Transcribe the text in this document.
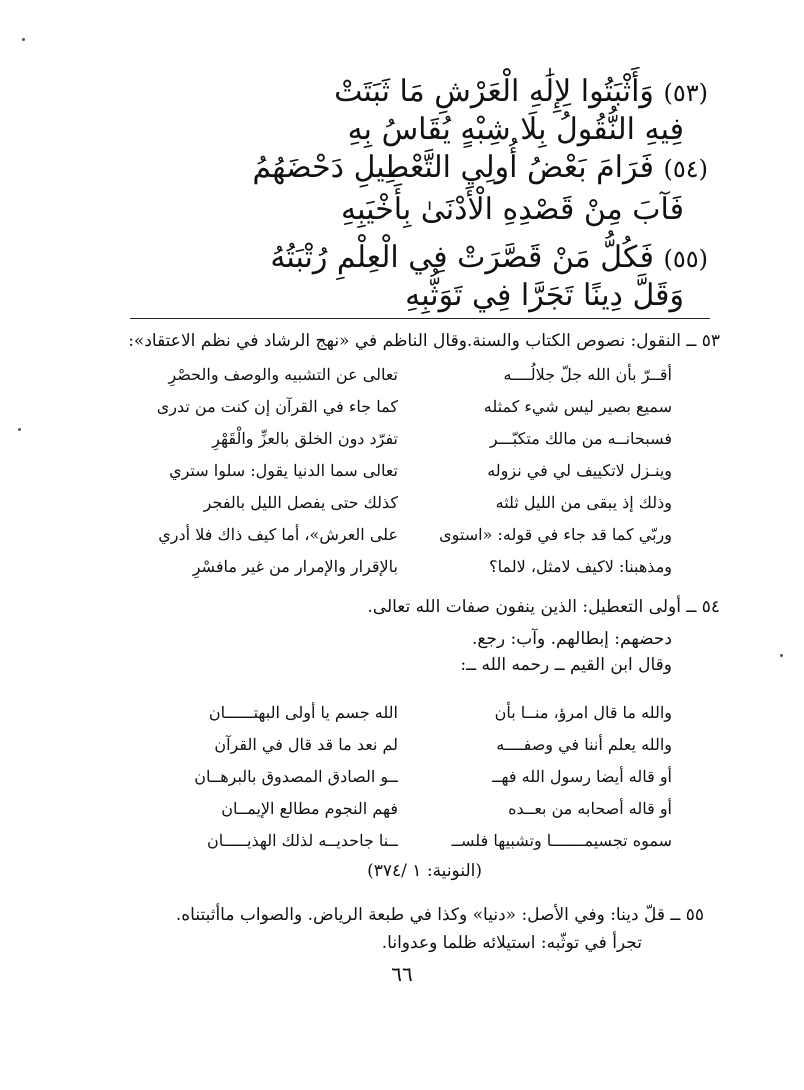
(٥٣) وَأَثْبَتُوا لِإِلَٰهِ الْعَرْشِ مَا ثَبَتَتْ
فِيهِ النُّقُولُ بِلَا شِبْهٍ يُقَاسُ بِهِ
(٥٤) فَرَامَ بَعْضُ أُولِي التَّعْطِيلِ دَحْضَهُمُ
فَآبَ مِنْ قَصْدِهِ الْأَدْنَىٰ بِأَخْيَبِهِ
(٥٥) فَكُلُّ مَنْ قَصَّرَتْ فِي الْعِلْمِ رُتْبَتُهُ
وَقَلَّ دِينًا تَجَرَّا فِي تَوَثُّبِهِ
٥٣ ــ النقول: نصوص الكتاب والسنة.وقال الناظم في «نهج الرشاد في نظم الاعتقاد»:
أقــرّ بأن الله جلّ جلالُــــه
تعالى عن التشبيه والوصف والحصْرِ
سميع بصير ليس شيء كمثله
كما جاء في القرآن إن كنت من تدرى
فسبحانــه من مالك متكبّـــر
تفرّد دون الخلق بالعزِّ والْقَهْرِ
وينـزل لاتكييف لي في نزوله
تعالى سما الدنيا يقول: سلوا ستري
وذلك إذ يبقى من الليل ثلثه
كذلك حتى يفصل الليل بالفجر
وربّي كما قد جاء في قوله: «استوى
على العرش»، أما كيف ذاك فلا أدري
ومذهبنا: لاكيف لامثل، لالما؟
بالإقرار والإمرار من غير مافسْرِ
٥٤ ــ أولى التعطيل: الذين ينفون صفات الله تعالى.
دحضهم: إبطالهم. وآب: رجع.
وقال ابن القيم ــ رحمه الله ــ:
والله ما قال امرؤ، منــا بأن
الله جسم يا أولى البهتــــــان
والله يعلم أننا في وصفــــه
لم نعد ما قد قال في القرآن
أو قاله أيضا رسول الله فهــ
ــو الصادق المصدوق بالبرهــان
أو قاله أصحابه من بعــده
فهم النجوم مطالع الإيمــان
سموه تجسيمـــــــا وتشبيها فلســ
ــنا جاحديــه لذلك الهذيـــــان
(النونية: ١ /٣٧٤)
٥٥ ــ قلّ دينا: وفي الأصل: «دنيا» وكذا في طبعة الرياض. والصواب ماأثبتناه.
تجرأ في توثّبه: استيلائه ظلما وعدوانا.
٦٦
